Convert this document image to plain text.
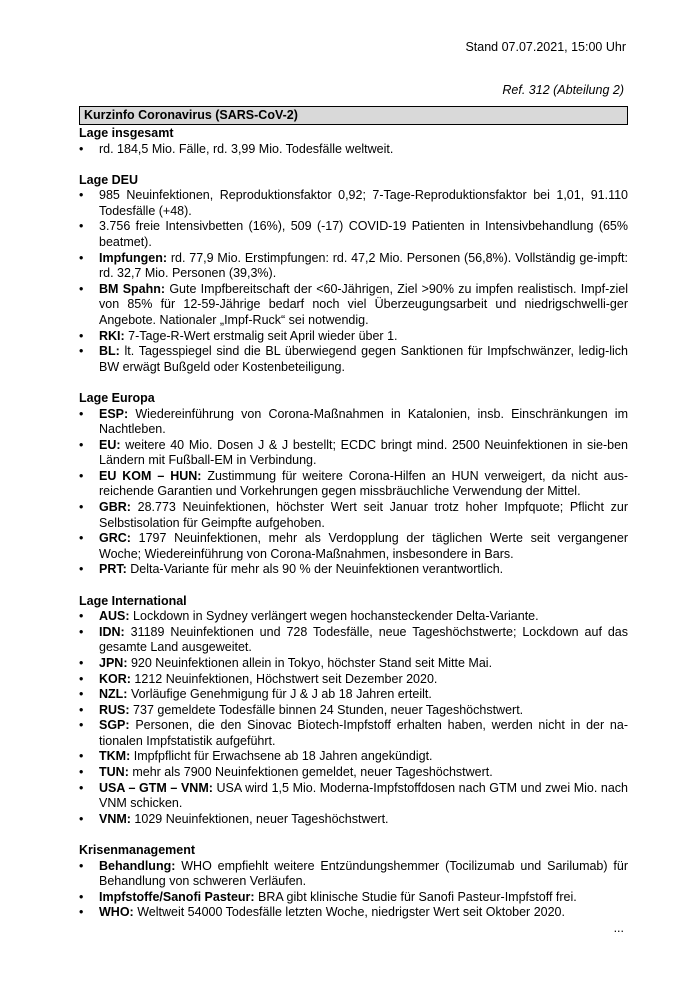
Stand 07.07.2021, 15:00 Uhr
Ref. 312 (Abteilung 2)
Kurzinfo Coronavirus (SARS-CoV-2)
Lage insgesamt
•
rd. 184,5 Mio. Fälle, rd. 3,99 Mio. Todesfälle weltweit.
Lage DEU
•
985 Neuinfektionen, Reproduktionsfaktor 0,92; 7-Tage-Reproduktionsfaktor bei 1,01, 91.110 Todesfälle (+48).
•
3.756 freie Intensivbetten (16%), 509 (-17) COVID-19 Patienten in Intensivbehandlung (65% beatmet).
•
Impfungen: rd. 77,9 Mio. Erstimpfungen: rd. 47,2 Mio. Personen (56,8%). Vollständig ge-impft: rd. 32,7 Mio. Personen (39,3%).
•
BM Spahn: Gute Impfbereitschaft der <60-Jährigen, Ziel >90% zu impfen realistisch. Impf-ziel von 85% für 12-59-Jährige bedarf noch viel Überzeugungsarbeit und niedrigschwelli-ger Angebote. Nationaler „Impf-Ruck“ sei notwendig.
•
RKI: 7-Tage-R-Wert erstmalig seit April wieder über 1.
•
BL: lt. Tagesspiegel sind die BL überwiegend gegen Sanktionen für Impfschwänzer, ledig-lich BW erwägt Bußgeld oder Kostenbeteiligung.
Lage Europa
•
ESP: Wiedereinführung von Corona-Maßnahmen in Katalonien, insb. Einschränkungen im Nachtleben.
•
EU: weitere 40 Mio. Dosen J & J bestellt; ECDC bringt mind. 2500 Neuinfektionen in sie-ben Ländern mit Fußball-EM in Verbindung.
•
EU KOM – HUN: Zustimmung für weitere Corona-Hilfen an HUN verweigert, da nicht aus-reichende Garantien und Vorkehrungen gegen missbräuchliche Verwendung der Mittel.
•
GBR: 28.773 Neuinfektionen, höchster Wert seit Januar trotz hoher Impfquote; Pflicht zur Selbstisolation für Geimpfte aufgehoben.
•
GRC: 1797 Neuinfektionen, mehr als Verdopplung der täglichen Werte seit vergangener Woche; Wiedereinführung von Corona-Maßnahmen, insbesondere in Bars.
•
PRT: Delta-Variante für mehr als 90 % der Neuinfektionen verantwortlich.
Lage International
•
AUS: Lockdown in Sydney verlängert wegen hochansteckender Delta-Variante.
•
IDN: 31189 Neuinfektionen und 728 Todesfälle, neue Tageshöchstwerte; Lockdown auf das gesamte Land ausgeweitet.
•
JPN: 920 Neuinfektionen allein in Tokyo, höchster Stand seit Mitte Mai.
•
KOR: 1212 Neuinfektionen, Höchstwert seit Dezember 2020.
•
NZL: Vorläufige Genehmigung für J & J ab 18 Jahren erteilt.
•
RUS: 737 gemeldete Todesfälle binnen 24 Stunden, neuer Tageshöchstwert.
•
SGP: Personen, die den Sinovac Biotech-Impfstoff erhalten haben, werden nicht in der na-tionalen Impfstatistik aufgeführt.
•
TKM: Impfpflicht für Erwachsene ab 18 Jahren angekündigt.
•
TUN: mehr als 7900 Neuinfektionen gemeldet, neuer Tageshöchstwert.
•
USA – GTM – VNM: USA wird 1,5 Mio. Moderna-Impfstoffdosen nach GTM und zwei Mio. nach VNM schicken.
•
VNM: 1029 Neuinfektionen, neuer Tageshöchstwert.
Krisenmanagement
•
Behandlung: WHO empfiehlt weitere Entzündungshemmer (Tocilizumab und Sarilumab) für Behandlung von schweren Verläufen.
•
Impfstoffe/Sanofi Pasteur: BRA gibt klinische Studie für Sanofi Pasteur-Impfstoff frei.
•
WHO: Weltweit 54000 Todesfälle letzten Woche, niedrigster Wert seit Oktober 2020.
...
